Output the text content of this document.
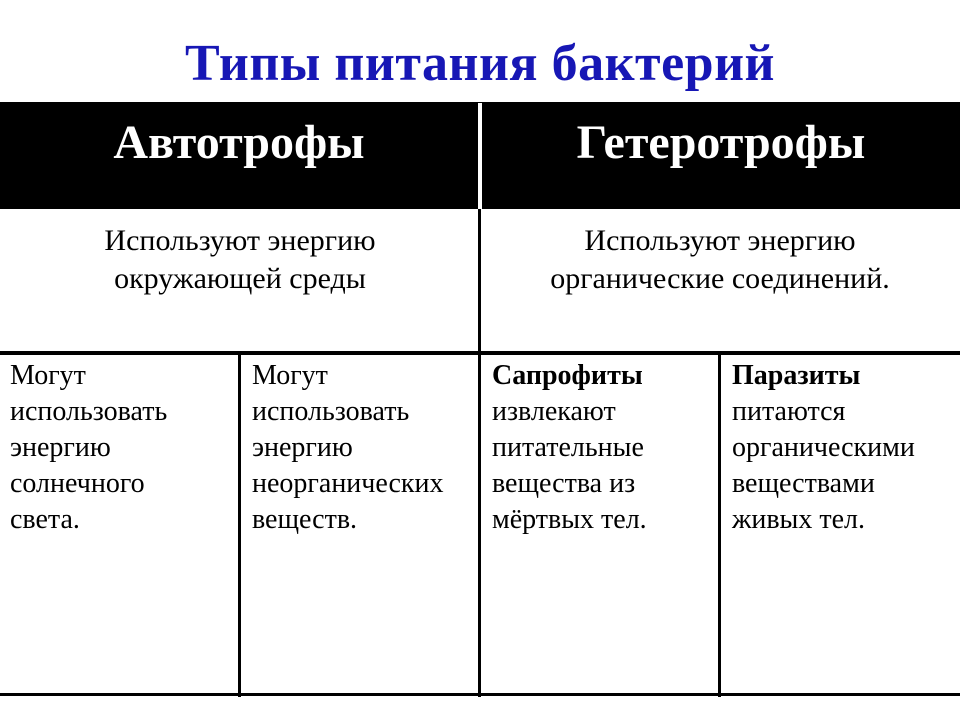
Типы питания бактерий
Автотрофы	Гетеротрофы
Используют энергию
окружающей среды
Используют энергию
органические соединений.
Могут
использовать
энергию
солнечного
света.
Могут
использовать
энергию
неорганических
веществ.
Сапрофиты
извлекают
питательные
вещества из
мёртвых тел.
Паразиты
питаются
органическими
веществами
живых тел.
